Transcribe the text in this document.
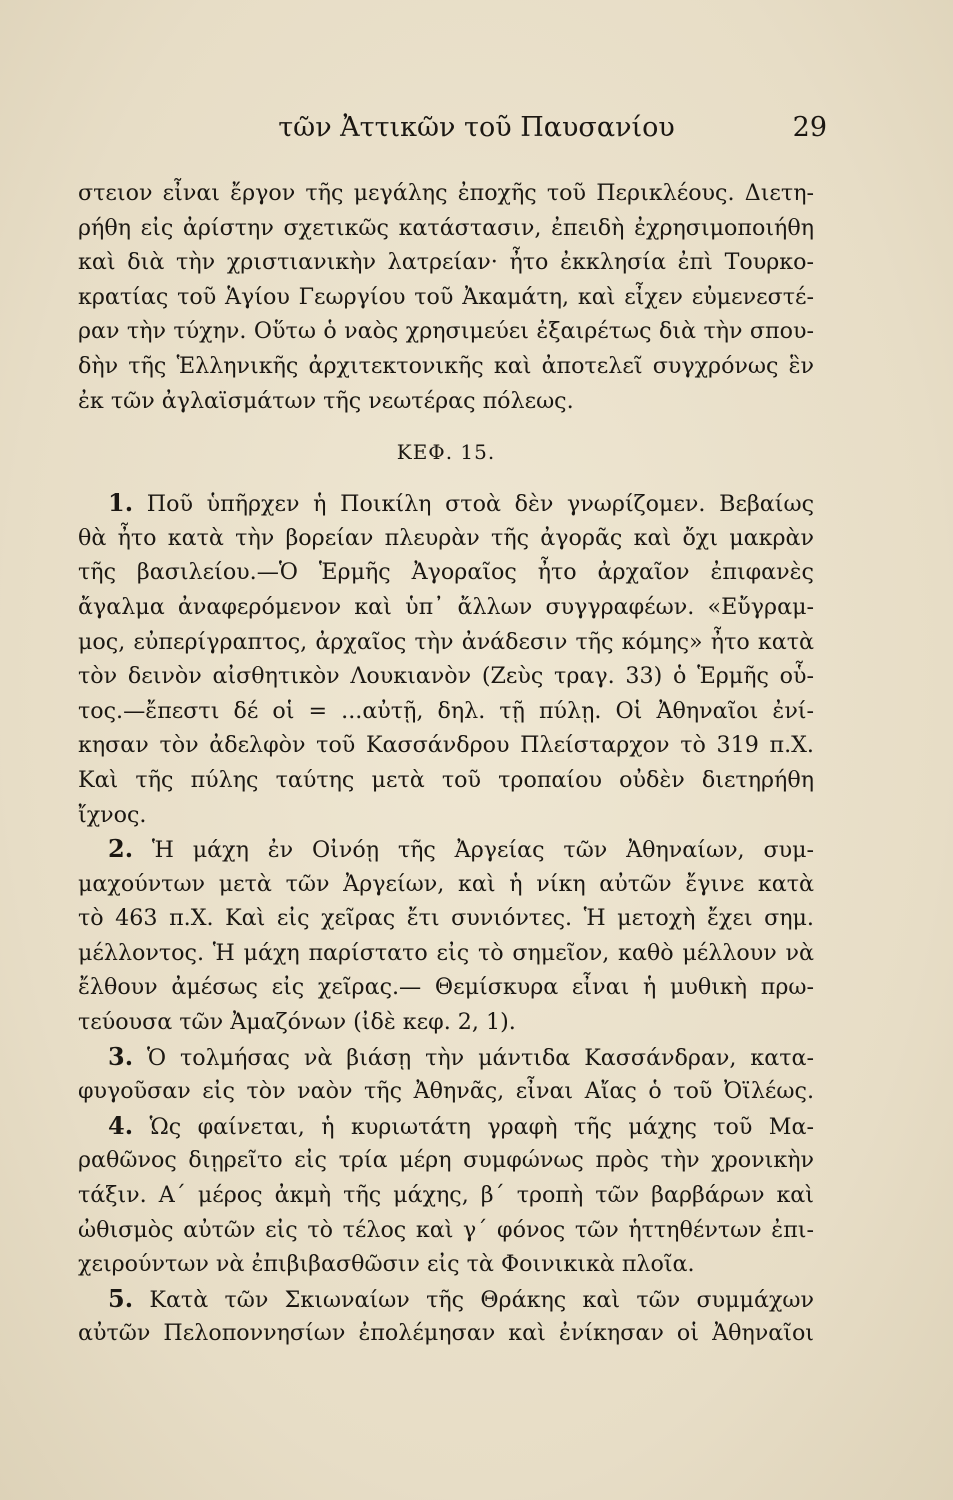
τῶν Ἀττικῶν τοῦ Παυσανίου	29
στειον εἶναι ἔργον τῆς μεγάλης ἐποχῆς τοῦ Περικλέους. Διετη-
ρήθη εἰς ἀρίστην σχετικῶς κατάστασιν, ἐπειδὴ ἐχρησιμοποιήθη
καὶ διὰ τὴν χριστιανικὴν λατρείαν· ἦτο ἐκκλησία ἐπὶ Τουρκο-
κρατίας τοῦ Ἁγίου Γεωργίου τοῦ Ἀκαμάτη, καὶ εἶχεν εὐμενεστέ-
ραν τὴν τύχην. Οὕτω ὁ ναὸς χρησιμεύει ἐξαιρέτως διὰ τὴν σπου-
δὴν τῆς Ἑλληνικῆς ἀρχιτεκτονικῆς καὶ ἀποτελεῖ συγχρόνως ἓν
ἐκ τῶν ἀγλαϊσμάτων τῆς νεωτέρας πόλεως.
ΚΕΦ. 15.
1. Ποῦ ὑπῆρχεν ἡ Ποικίλη στοὰ δὲν γνωρίζομεν. Βεβαίως
θὰ ἦτο κατὰ τὴν βορείαν πλευρὰν τῆς ἀγορᾶς καὶ ὄχι μακρὰν
τῆς βασιλείου.—Ὁ Ἑρμῆς Ἀγοραῖος ἦτο ἀρχαῖον ἐπιφανὲς
ἄγαλμα ἀναφερόμενον καὶ ὑπ᾽ ἄλλων συγγραφέων. «Εὔγραμ-
μος, εὐπερίγραπτος, ἀρχαῖος τὴν ἀνάδεσιν τῆς κόμης» ἦτο κατὰ
τὸν δεινὸν αἰσθητικὸν Λουκιανὸν (Ζεὺς τραγ. 33) ὁ Ἑρμῆς οὗ-
τος.—ἔπεστι δέ οἱ = ...αὐτῇ, δηλ. τῇ πύλῃ. Οἱ Ἀθηναῖοι ἐνί-
κησαν τὸν ἀδελφὸν τοῦ Κασσάνδρου Πλείσταρχον τὸ 319 π.Χ.
Καὶ τῆς πύλης ταύτης μετὰ τοῦ τροπαίου οὐδὲν διετηρήθη
ἴχνος.
2. Ἡ μάχη ἐν Οἰνόῃ τῆς Ἀργείας τῶν Ἀθηναίων, συμ-
μαχούντων μετὰ τῶν Ἀργείων, καὶ ἡ νίκη αὐτῶν ἔγινε κατὰ
τὸ 463 π.Χ. Καὶ εἰς χεῖρας ἔτι συνιόντες. Ἡ μετοχὴ ἔχει σημ.
μέλλοντος. Ἡ μάχη παρίστατο εἰς τὸ σημεῖον, καθὸ μέλλουν νὰ
ἔλθουν ἀμέσως εἰς χεῖρας.— Θεμίσκυρα εἶναι ἡ μυθικὴ πρω-
τεύουσα τῶν Ἀμαζόνων (ἰδὲ κεφ. 2, 1).
3. Ὁ τολμήσας νὰ βιάσῃ τὴν μάντιδα Κασσάνδραν, κατα-
φυγοῦσαν εἰς τὸν ναὸν τῆς Ἀθηνᾶς, εἶναι Αἴας ὁ τοῦ Ὀϊλέως.
4. Ὡς φαίνεται, ἡ κυριωτάτη γραφὴ τῆς μάχης τοῦ Μα-
ραθῶνος διῃρεῖτο εἰς τρία μέρη συμφώνως πρὸς τὴν χρονικὴν
τάξιν. Α΄ μέρος ἀκμὴ τῆς μάχης, β΄ τροπὴ τῶν βαρβάρων καὶ
ὠθισμὸς αὐτῶν εἰς τὸ τέλος καὶ γ΄ φόνος τῶν ἡττηθέντων ἐπι-
χειρούντων νὰ ἐπιβιβασθῶσιν εἰς τὰ Φοινικικὰ πλοῖα.
5. Κατὰ τῶν Σκιωναίων τῆς Θράκης καὶ τῶν συμμάχων
αὐτῶν Πελοποννησίων ἐπολέμησαν καὶ ἐνίκησαν οἱ Ἀθηναῖοι
